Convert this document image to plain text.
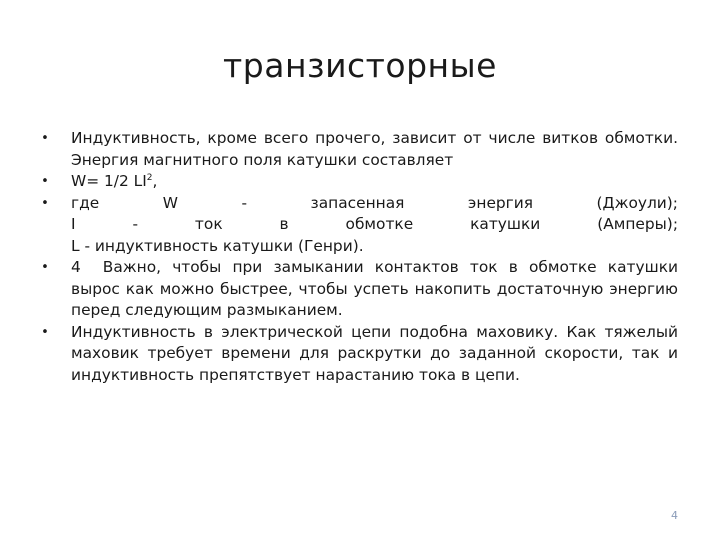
транзисторные
• Индуктивность, кроме всего прочего, зависит от числе витков обмотки. Энергия магнитного поля катушки составляет
• W= 1/2 $LI^2$,
• где W - запасенная энергия (Джоули);
I - ток в обмотке катушки (Амперы);
L - индуктивность катушки (Генри).
• 4 Важно, чтобы при замыкании контактов ток в обмотке катушки вырос как можно быстрее, чтобы успеть накопить достаточную энергию перед следующим размыканием.
• Индуктивность в электрической цепи подобна маховику. Как тяжелый маховик требует времени для раскрутки до заданной скорости, так и индуктивность препятствует нарастанию тока в цепи.
4
